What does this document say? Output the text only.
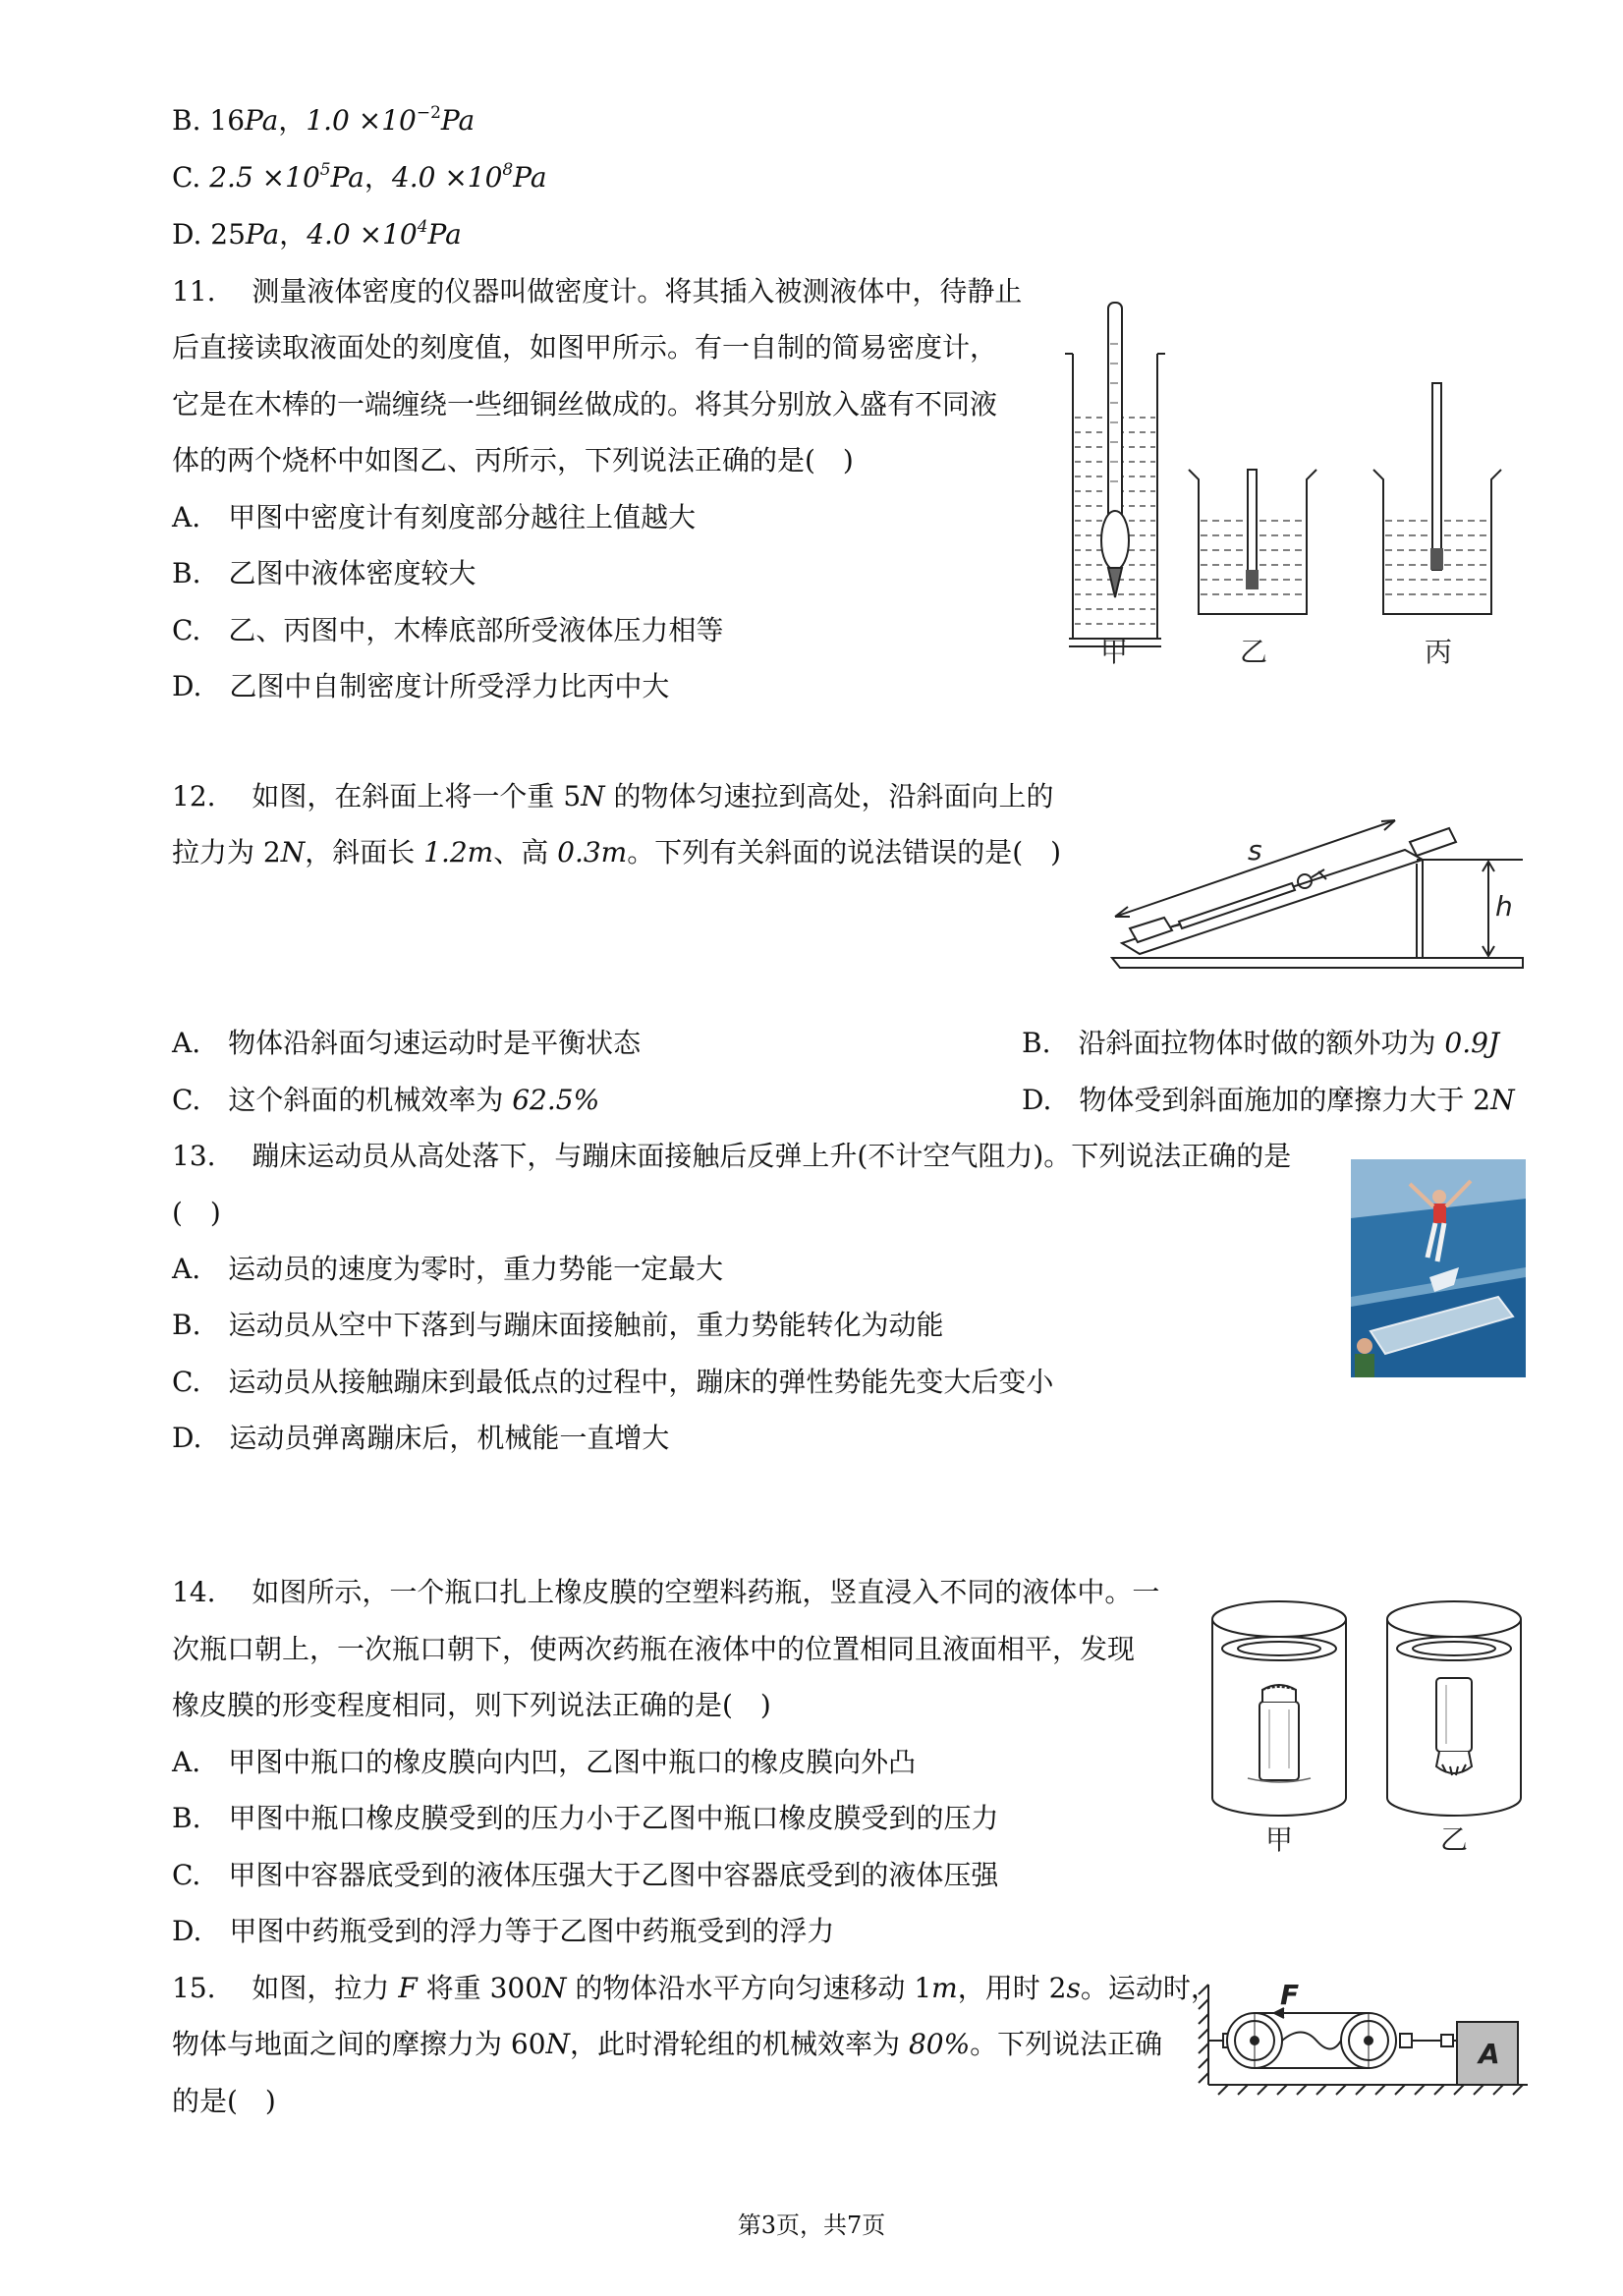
B. 16Pa，$1.0 \times 10^{-2}Pa$
C. $2.5 \times 10^5Pa$，$4.0 \times 10^8Pa$
D. 25Pa，$4.0 \times 10^4Pa$
11.　 测量液体密度的仪器叫做密度计。将其插入被测液体中，待静止
后直接读取液面处的刻度值，如图甲所示。有一自制的简易密度计，
它是在木棒的一端缠绕一些细铜丝做成的。将其分别放入盛有不同液
体的两个烧杯中如图乙、丙所示，下列说法正确的是(　)
A.　甲图中密度计有刻度部分越往上值越大
B.　乙图中液体密度较大
C.　乙、丙图中，木棒底部所受液体压力相等
D.　乙图中自制密度计所受浮力比丙中大
甲	乙	丙
12.　 如图，在斜面上将一个重 5N 的物体匀速拉到高处，沿斜面向上的
拉力为 2N，斜面长 1.2m、高 0.3m。下列有关斜面的说法错误的是(　)	s
h
A.　物体沿斜面匀速运动时是平衡状态	B.　沿斜面拉物体时做的额外功为 0.9J
C.　这个斜面的机械效率为 62.5%	D.　物体受到斜面施加的摩擦力大于 2N
13.　 蹦床运动员从高处落下，与蹦床面接触后反弹上升(不计空气阻力)。下列说法正确的是
(　)
A.　运动员的速度为零时，重力势能一定最大
B.　运动员从空中下落到与蹦床面接触前，重力势能转化为动能
C.　运动员从接触蹦床到最低点的过程中，蹦床的弹性势能先变大后变小
D.　运动员弹离蹦床后，机械能一直增大
14.　 如图所示，一个瓶口扎上橡皮膜的空塑料药瓶，竖直浸入不同的液体中。一
次瓶口朝上，一次瓶口朝下，使两次药瓶在液体中的位置相同且液面相平，发现
橡皮膜的形变程度相同，则下列说法正确的是(　)
A.　甲图中瓶口的橡皮膜向内凹，乙图中瓶口的橡皮膜向外凸
B.　甲图中瓶口橡皮膜受到的压力小于乙图中瓶口橡皮膜受到的压力
C.　甲图中容器底受到的液体压强大于乙图中容器底受到的液体压强
D.　甲图中药瓶受到的浮力等于乙图中药瓶受到的浮力
甲	乙
15.　 如图，拉力 F 将重 300N 的物体沿水平方向匀速移动 1m，用时 2s。运动时，
物体与地面之间的摩擦力为 60N，此时滑轮组的机械效率为 80%。下列说法正确
的是(　)
F
A
第3页，共7页
